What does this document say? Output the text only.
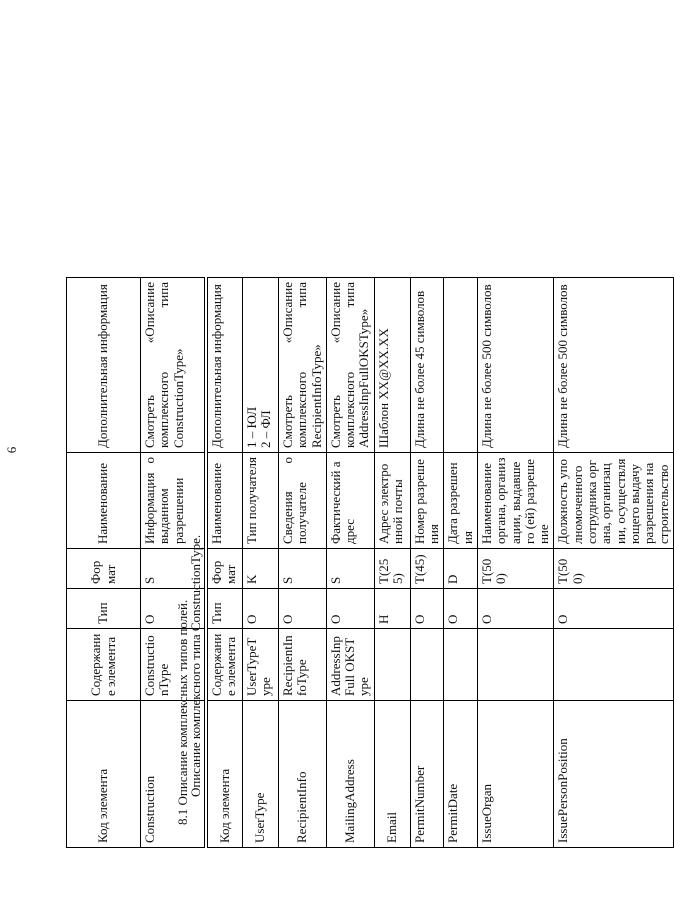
6
Код элемента	Содержание элемента	Тип	Формат	Наименование	Дополнительная информация
Construction	ConstructionType	O	S	Информация о выданном разрешении	Смотреть «Описание комплексного типа ConstructionType»
8.1 Описание комплексных типов полей.
Описание комплексного типа ConstructionType.
Код элемента	Содержание элемента	Тип	Формат	Наименование	Дополнительная информация
UserType	UserTypeType	O	K	Тип получателя	1 – ЮЛ
2 – ФЛ
RecipientInfo	RecipientInfoType	O	S	Сведения о получателе	Смотреть «Описание комплексного типа RecipientInfoType»
MailingAddress	AddressInpFull OKSType	O	S	Фактический адрес	Смотреть «Описание комплексного типа AddressInpFullOKSType»
Email		Н	T(255)	Адрес электронной почты	Шаблон XX@XX.XX
PermitNumber		O	T(45)	Номер разрешения	Длина не более 45 символов
PermitDate		O	D	Дата разрешения	
IssueOrgan		O	T(500)	Наименование органа, организации, выдавшего (ей) разрешение	Длина не более 500 символов
IssuePersonPosition		O	T(500)	Должность уполномоченного сотрудника органа, организации, осуществляющего выдачу разрешения на строительство	Длина не более 500 символов
